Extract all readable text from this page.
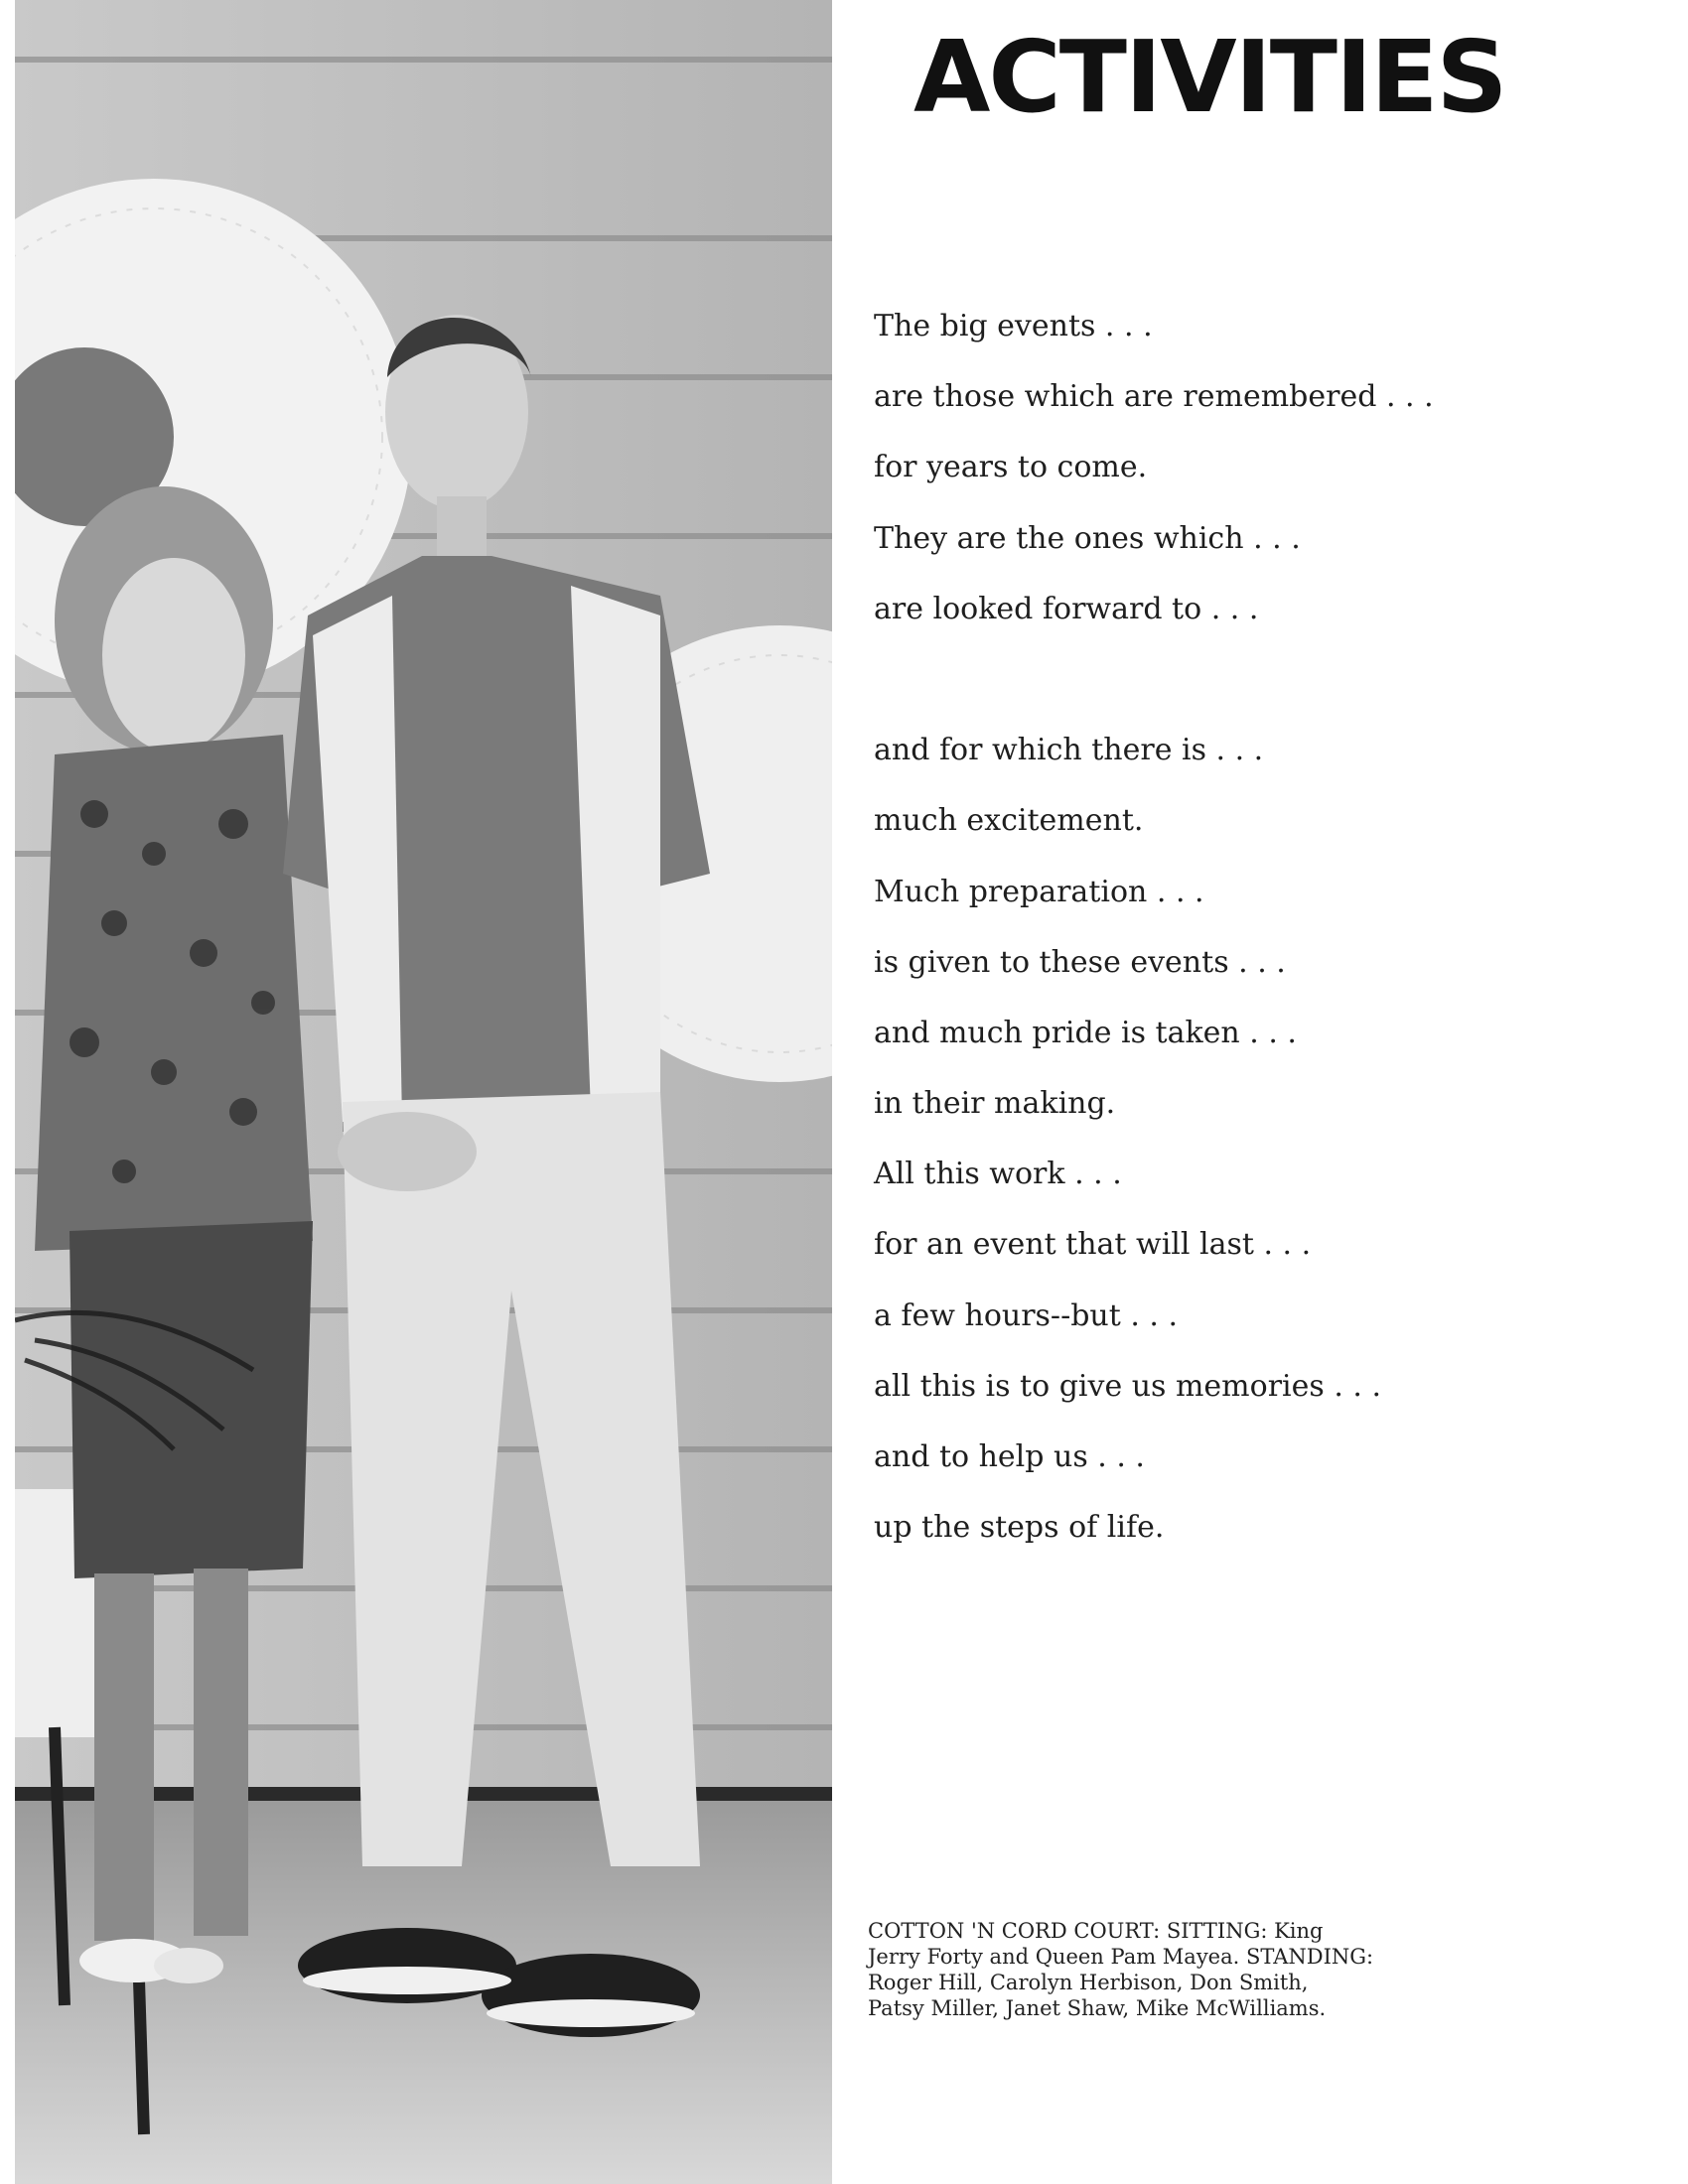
ACTIVITIES
The big events . . .
are those which are remembered . . .
for years to come.
They are the ones which . . .
are looked forward to . . .
and for which there is . . .
much excitement.
Much preparation . . .
is given to these events . . .
and much pride is taken . . .
in their making.
All this work . . .
for an event that will last . . .
a few hours--but . . .
all this is to give us memories . . .
and to help us . . .
up the steps of life.
COTTON 'N CORD COURT: SITTING: King
Jerry Forty and Queen Pam Mayea. STANDING:
Roger Hill, Carolyn Herbison, Don Smith,
Patsy Miller, Janet Shaw, Mike McWilliams.
